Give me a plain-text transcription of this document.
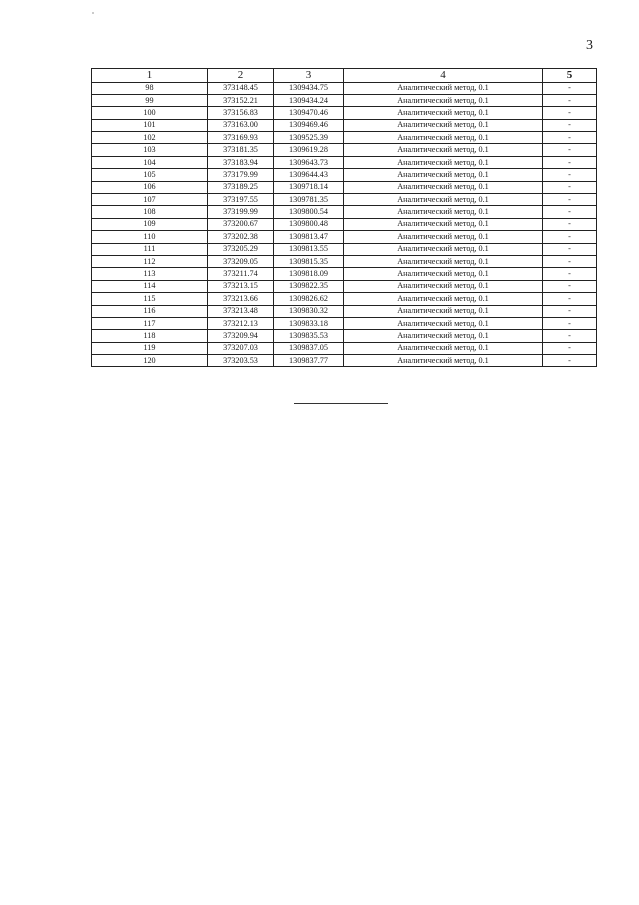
3
1	2	3	4	5
98	373148.45	1309434.75	Аналитический метод, 0.1	-
99	373152.21	1309434.24	Аналитический метод, 0.1	-
100	373156.83	1309470.46	Аналитический метод, 0.1	-
101	373163.00	1309469.46	Аналитический метод, 0.1	-
102	373169.93	1309525.39	Аналитический метод, 0.1	-
103	373181.35	1309619.28	Аналитический метод, 0.1	-
104	373183.94	1309643.73	Аналитический метод, 0.1	-
105	373179.99	1309644.43	Аналитический метод, 0.1	-
106	373189.25	1309718.14	Аналитический метод, 0.1	-
107	373197.55	1309781.35	Аналитический метод, 0.1	-
108	373199.99	1309800.54	Аналитический метод, 0.1	-
109	373200.67	1309800.48	Аналитический метод, 0.1	-
110	373202.38	1309813.47	Аналитический метод, 0.1	-
111	373205.29	1309813.55	Аналитический метод, 0.1	-
112	373209.05	1309815.35	Аналитический метод, 0.1	-
113	373211.74	1309818.09	Аналитический метод, 0.1	-
114	373213.15	1309822.35	Аналитический метод, 0.1	-
115	373213.66	1309826.62	Аналитический метод, 0.1	-
116	373213.48	1309830.32	Аналитический метод, 0.1	-
117	373212.13	1309833.18	Аналитический метод, 0.1	-
118	373209.94	1309835.53	Аналитический метод, 0.1	-
119	373207.03	1309837.05	Аналитический метод, 0.1	-
120	373203.53	1309837.77	Аналитический метод, 0.1	-
